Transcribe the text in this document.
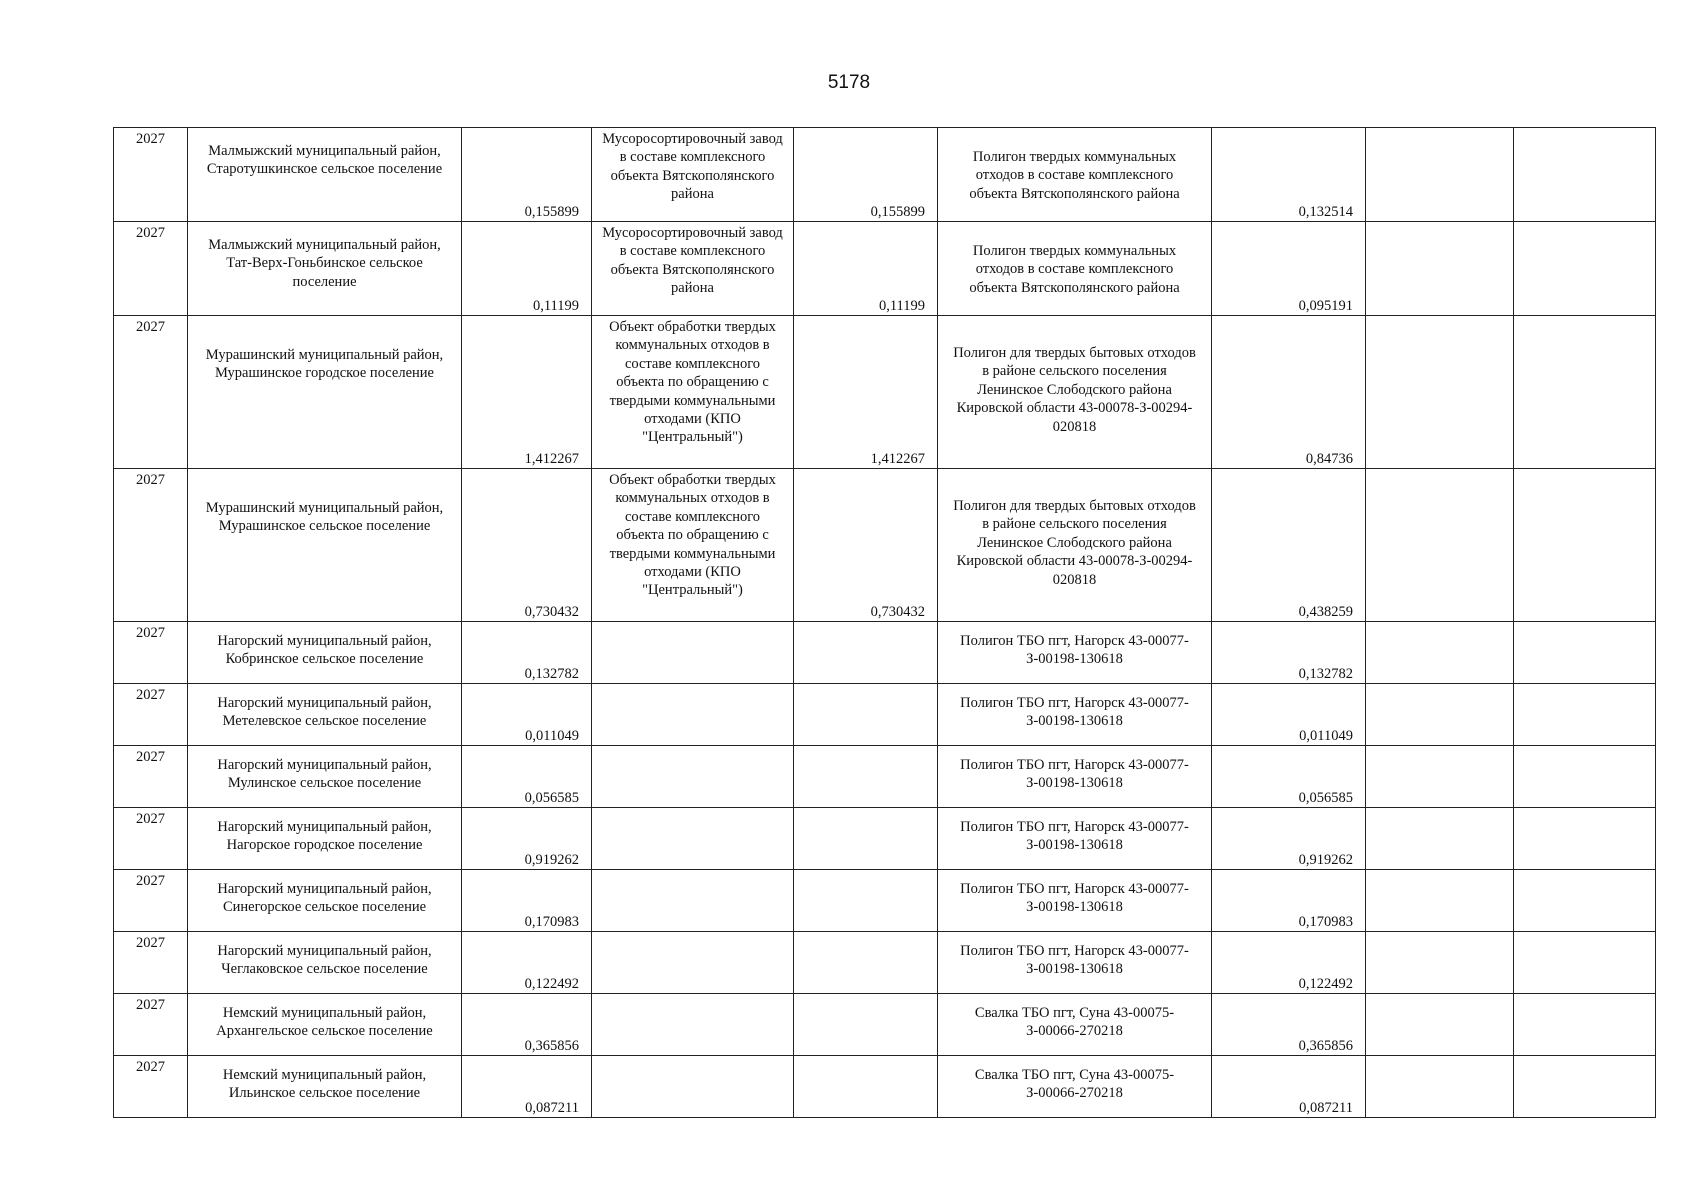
5178
2027	Малмыжский муниципальный район, Старотушкинское сельское поселение	0,155899	Мусоросортировочный завод в составе комплексного объекта Вятскополянского района	0,155899	Полигон твердых коммунальных отходов в составе комплексного объекта Вятскополянского района	0,132514		

2027	Малмыжский муниципальный район, Тат-Верх-Гоньбинское сельское поселение	0,11199	Мусоросортировочный завод в составе комплексного объекта Вятскополянского района	0,11199	Полигон твердых коммунальных отходов в составе комплексного объекта Вятскополянского района	0,095191		

2027	Мурашинский муниципальный район, Мурашинское городское поселение	1,412267	Объект обработки твердых коммунальных отходов в составе комплексного объекта по обращению с твердыми коммунальными отходами (КПО "Центральный")	1,412267	Полигон для твердых бытовых отходов в районе сельского поселения Ленинское Слободского района Кировской области 43-00078-З-00294-020818	0,84736		

2027	Мурашинский муниципальный район, Мурашинское сельское поселение	0,730432	Объект обработки твердых коммунальных отходов в составе комплексного объекта по обращению с твердыми коммунальными отходами (КПО "Центральный")	0,730432	Полигон для твердых бытовых отходов в районе сельского поселения Ленинское Слободского района Кировской области 43-00078-З-00294-020818	0,438259		

2027	Нагорский муниципальный район, Кобринское сельское поселение	0,132782			Полигон ТБО пгт, Нагорск 43-00077-З-00198-130618	0,132782		

2027	Нагорский муниципальный район, Метелевское сельское поселение	0,011049			Полигон ТБО пгт, Нагорск 43-00077-З-00198-130618	0,011049		

2027	Нагорский муниципальный район, Мулинское сельское поселение	0,056585			Полигон ТБО пгт, Нагорск 43-00077-З-00198-130618	0,056585		

2027	Нагорский муниципальный район, Нагорское городское поселение	0,919262			Полигон ТБО пгт, Нагорск 43-00077-З-00198-130618	0,919262		

2027	Нагорский муниципальный район, Синегорское сельское поселение	0,170983			Полигон ТБО пгт, Нагорск 43-00077-З-00198-130618	0,170983		

2027	Нагорский муниципальный район, Чеглаковское сельское поселение	0,122492			Полигон ТБО пгт, Нагорск 43-00077-З-00198-130618	0,122492		

2027	Немский муниципальный район, Архангельское сельское поселение	0,365856			Свалка ТБО пгт, Суна 43-00075-З-00066-270218	0,365856		

2027	Немский муниципальный район, Ильинское сельское поселение	0,087211			Свалка ТБО пгт, Суна 43-00075-З-00066-270218	0,087211		
